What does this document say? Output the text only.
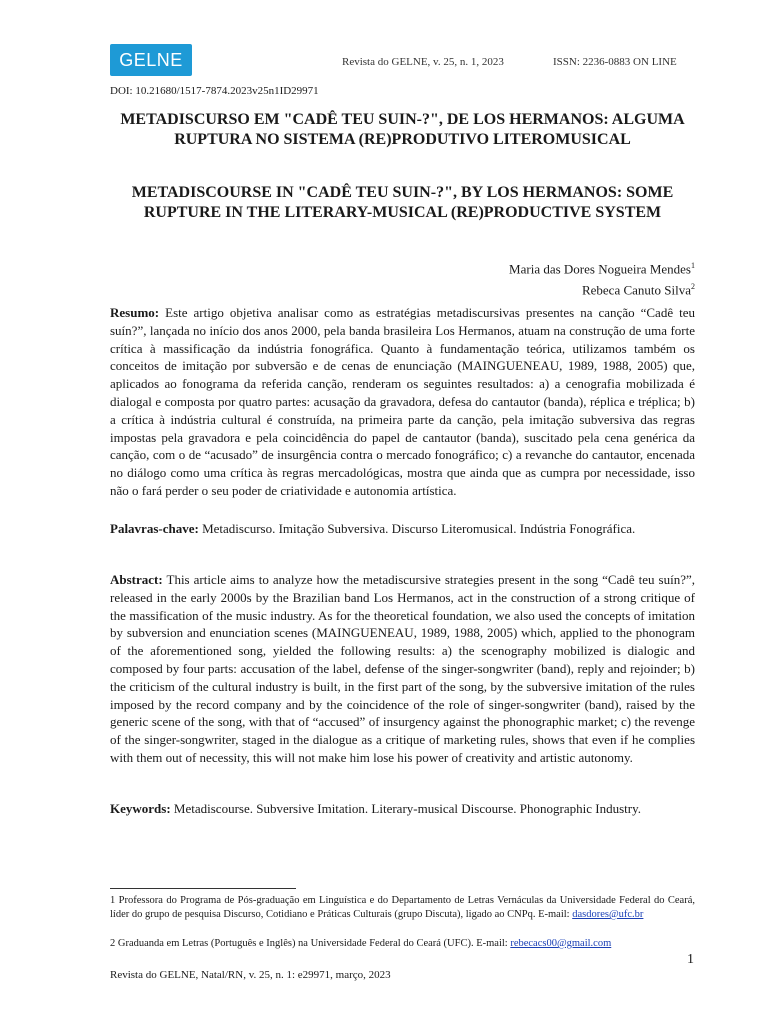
GELNE	Revista do GELNE, v. 25, n. 1, 2023	ISSN: 2236-0883 ON LINE
DOI: 10.21680/1517-7874.2023v25n1ID29971
METADISCURSO EM "CADÊ TEU SUIN-?", DE LOS HERMANOS: ALGUMA RUPTURA NO SISTEMA (RE)PRODUTIVO LITEROMUSICAL
METADISCOURSE IN "CADÊ TEU SUIN-?", BY LOS HERMANOS: SOME RUPTURE IN THE LITERARY-MUSICAL (RE)PRODUCTIVE SYSTEM
Maria das Dores Nogueira Mendes$^1$
Rebeca Canuto Silva$^2$

Resumo: Este artigo objetiva analisar como as estratégias metadiscursivas presentes na canção “Cadê teu suín?”, lançada no início dos anos 2000, pela banda brasileira Los Hermanos, atuam na construção de uma forte crítica à massificação da indústria fonográfica. Quanto à fundamentação teórica, utilizamos também os conceitos de imitação por subversão e de cenas de enunciação (MAINGUENEAU, 1989, 1988, 2005) que, aplicados ao fonograma da referida canção, renderam os seguintes resultados: a) a cenografia mobilizada é dialogal e composta por quatro partes: acusação da gravadora, defesa do cantautor (banda), réplica e tréplica; b) a crítica à indústria cultural é construída, na primeira parte da canção, pela imitação subversiva das regras impostas pela gravadora e pela coincidência do papel de cantautor (banda), suscitado pela cena genérica da canção, com o de “acusado” de insurgência contra o mercado fonográfico; c) a revanche do cantautor, encenada no diálogo como uma crítica às regras mercadológicas, mostra que ainda que as cumpra por necessidade, isso não o fará perder o seu poder de criatividade e autonomia artística.

Palavras-chave: Metadiscurso. Imitação Subversiva. Discurso Literomusical. Indústria Fonográfica.

Abstract: This article aims to analyze how the metadiscursive strategies present in the song “Cadê teu suín?”, released in the early 2000s by the Brazilian band Los Hermanos, act in the construction of a strong critique of the massification of the music industry. As for the theoretical foundation, we also used the concepts of imitation by subversion and enunciation scenes (MAINGUENEAU, 1989, 1988, 2005) which, applied to the phonogram of the aforementioned song, yielded the following results: a) the scenography mobilized is dialogic and composed by four parts: accusation of the label, defense of the singer-songwriter (band), reply and rejoinder; b) the criticism of the cultural industry is built, in the first part of the song, by the subversive imitation of the rules imposed by the record company and by the coincidence of the role of singer-songwriter (band), raised by the generic scene of the song, with that of “accused” of insurgency against the phonographic market; c) the revenge of the singer-songwriter, staged in the dialogue as a critique of marketing rules, shows that even if he complies with them out of necessity, this will not make him lose his power of creativity and artistic autonomy.

Keywords: Metadiscourse. Subversive Imitation. Literary-musical Discourse. Phonographic Industry.

1 Professora do Programa de Pós-graduação em Linguística e do Departamento de Letras Vernáculas da Universidade Federal do Ceará, líder do grupo de pesquisa Discurso, Cotidiano e Práticas Culturais (grupo Discuta), ligado ao CNPq. E-mail: dasdores@ufc.br

2 Graduanda em Letras (Português e Inglês) na Universidade Federal do Ceará (UFC). E-mail: rebecacs00@gmail.com

1
Revista do GELNE, Natal/RN, v. 25, n. 1: e29971, março, 2023
